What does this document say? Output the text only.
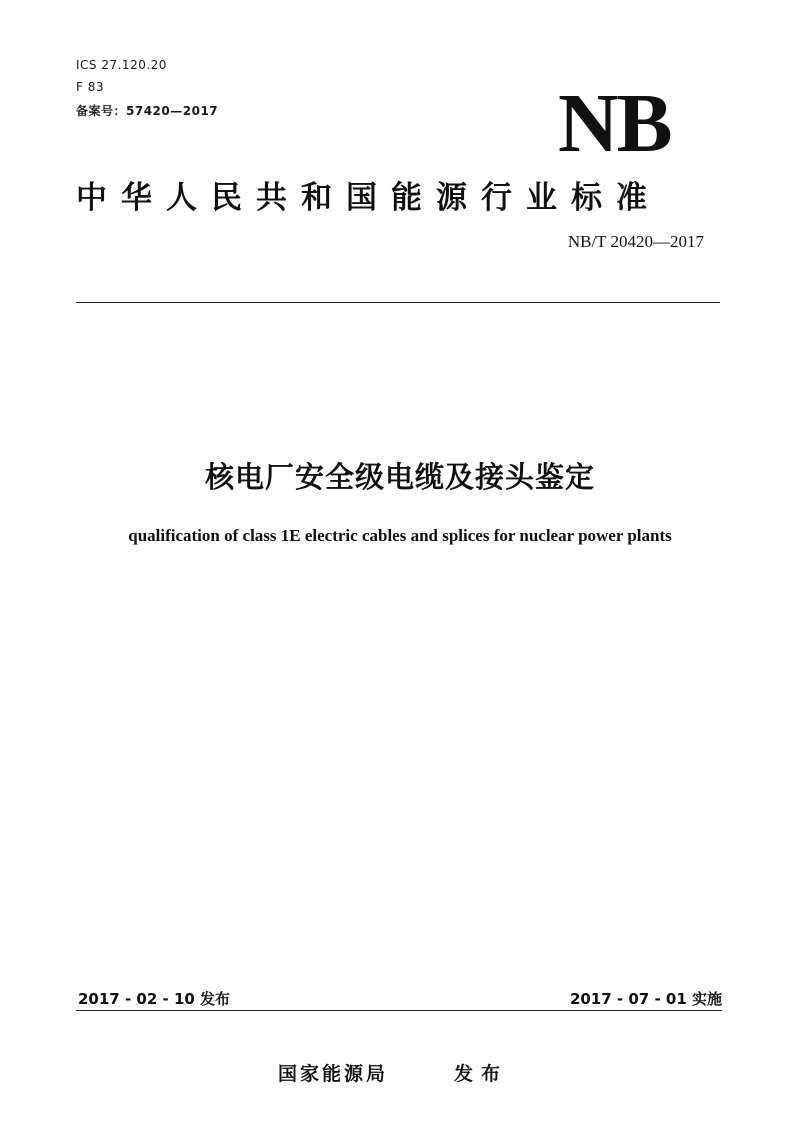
ICS 27.120.20
F 83
备案号：57420—2017	NB
中华人民共和国能源行业标准
NB/T 20420—2017
核电厂安全级电缆及接头鉴定
qualification of class 1E electric cables and splices for nuclear power plants
2017 - 02 - 10 发布	2017 - 07 - 01 实施
国家能源局	发布
